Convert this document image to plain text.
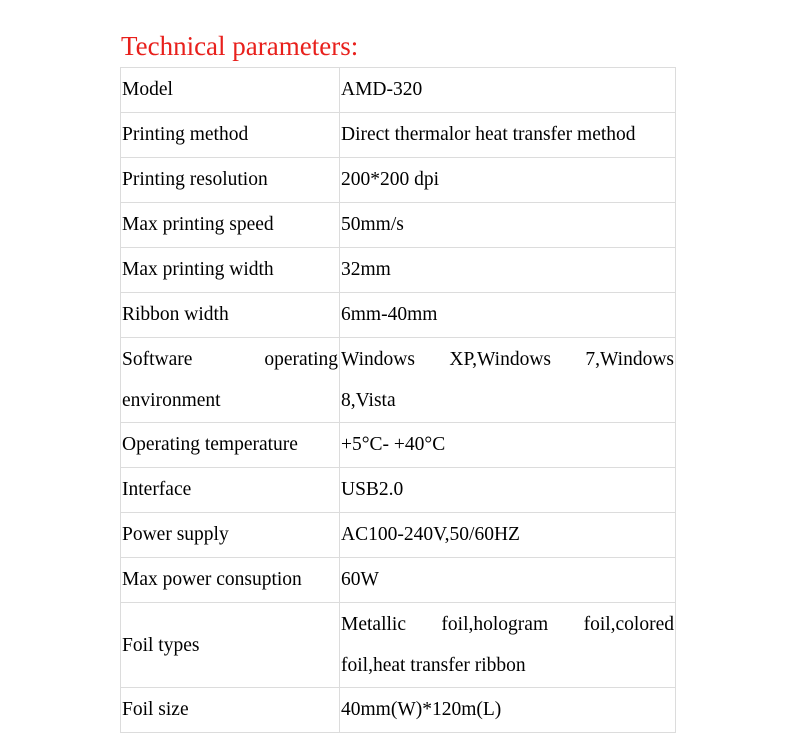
Technical parameters:
Model	AMD-320

Printing method	Direct thermalor heat transfer method

Printing resolution	200*200 dpi

Max printing speed	50mm/s

Max printing width	32mm

Ribbon width	6mm-40mm

Software operating environment	Windows XP,Windows 7,Windows 8,Vista

Operating temperature	+5°C- +40°C

Interface	USB2.0

Power supply	AC100-240V,50/60HZ

Max power consuption	60W

Foil types	Metallic foil,hologram foil,colored foil,heat transfer ribbon

Foil size	40mm(W)*120m(L)
